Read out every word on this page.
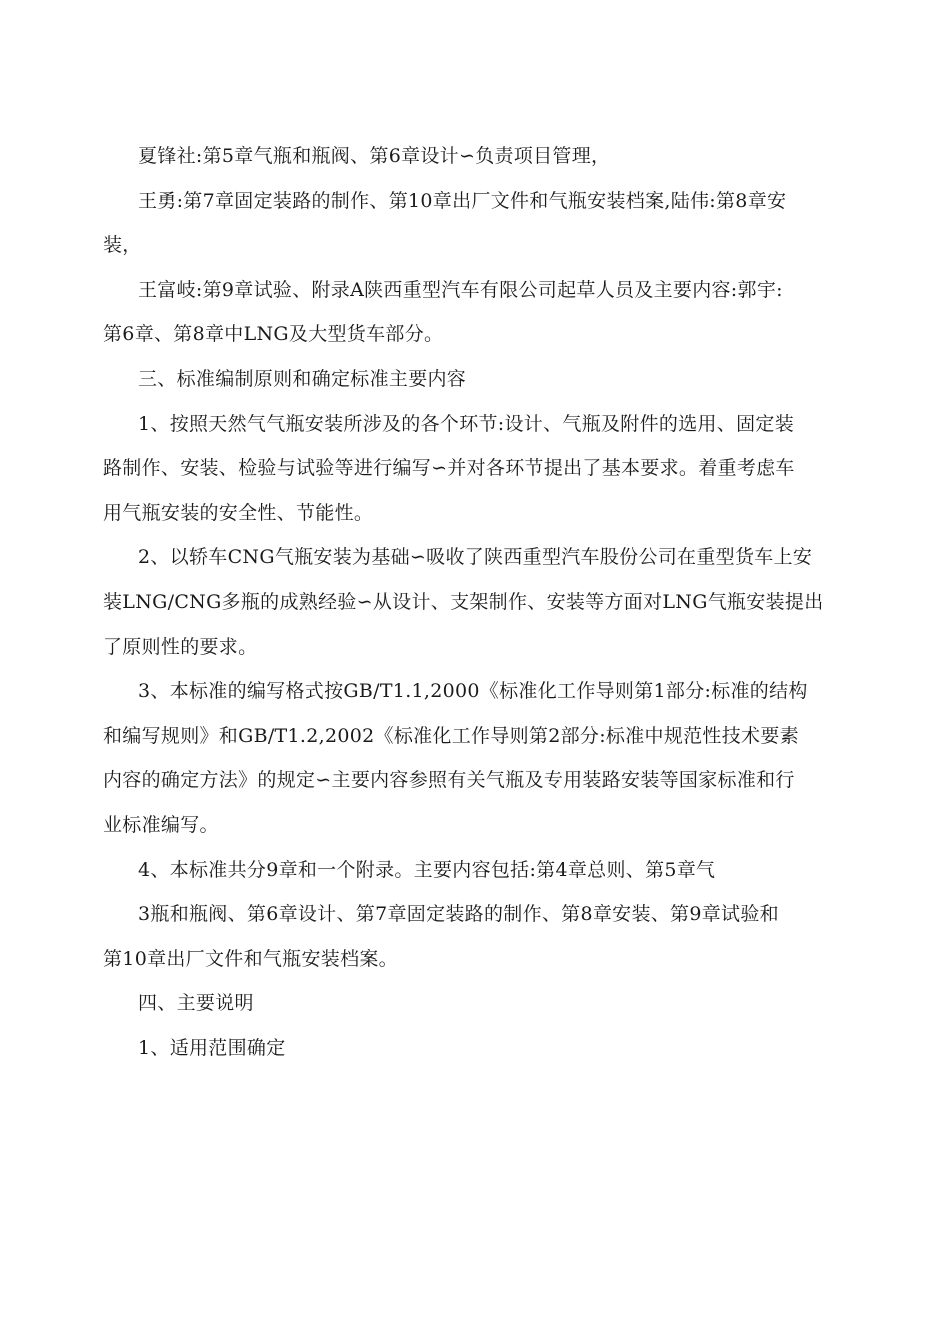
夏锋社:第5章气瓶和瓶阀、第6章设计∽负责项目管理，
王勇:第7章固定装路的制作、第10章出厂文件和气瓶安装档案,陆伟:第8章安
装，
王富岐:第9章试验、附录A陕西重型汽车有限公司起草人员及主要内容:郭宇:
第6章、第8章中LNG及大型货车部分。
三、标准编制原则和确定标准主要内容
1、按照天然气气瓶安装所涉及的各个环节:设计、气瓶及附件的选用、固定装
路制作、安装、检验与试验等进行编写∽并对各环节提出了基本要求。着重考虑车
用气瓶安装的安全性、节能性。
2、以轿车CNG气瓶安装为基础∽吸收了陕西重型汽车股份公司在重型货车上安
装LNG/CNG多瓶的成熟经验∽从设计、支架制作、安装等方面对LNG气瓶安装提出
了原则性的要求。
3、本标准的编写格式按GB/T1.1,2000《标准化工作导则第1部分:标准的结构
和编写规则》和GB/T1.2,2002《标准化工作导则第2部分:标准中规范性技术要素
内容的确定方法》的规定∽主要内容参照有关气瓶及专用装路安装等国家标准和行
业标准编写。
4、本标准共分9章和一个附录。主要内容包括:第4章总则、第5章气
3瓶和瓶阀、第6章设计、第7章固定装路的制作、第8章安装、第9章试验和
第10章出厂文件和气瓶安装档案。
四、主要说明
1、适用范围确定
